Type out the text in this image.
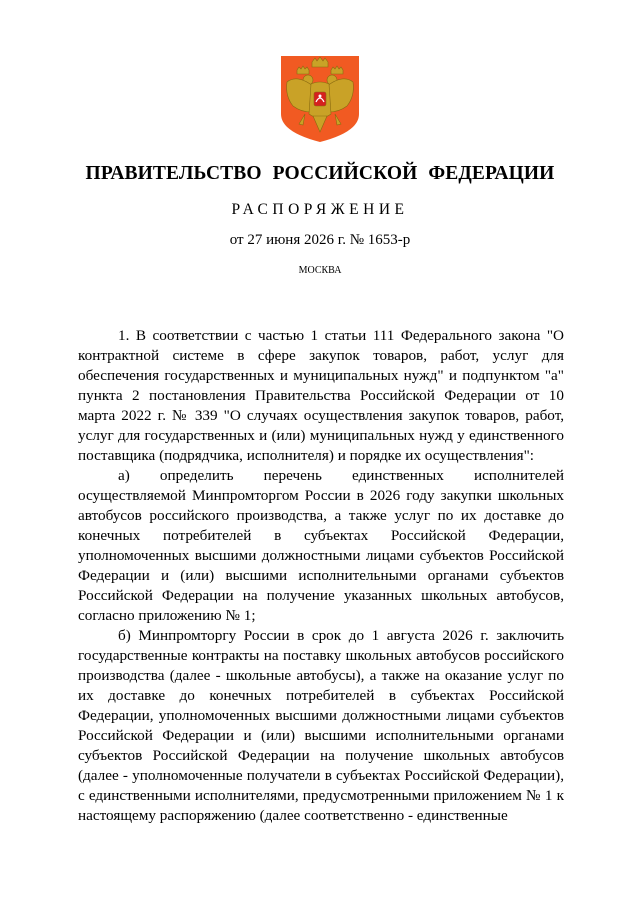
ПРАВИТЕЛЬСТВО РОССИЙСКОЙ ФЕДЕРАЦИИ
РАСПОРЯЖЕНИЕ
от 27 июня 2026 г. № 1653-р
МОСКВА

1. В соответствии с частью 1 статьи 111 Федерального закона "О контрактной системе в сфере закупок товаров, работ, услуг для обеспечения государственных и муниципальных нужд" и подпунктом "а" пункта 2 постановления Правительства Российской Федерации от 10 марта 2022 г. № 339 "О случаях осуществления закупок товаров, работ, услуг для государственных и (или) муниципальных нужд у единственного поставщика (подрядчика, исполнителя) и порядке их осуществления":

а) определить перечень единственных исполнителей осуществляемой Минпромторгом России в 2026 году закупки школьных автобусов российского производства, а также услуг по их доставке до конечных потребителей в субъектах Российской Федерации, уполномоченных высшими должностными лицами субъектов Российской Федерации и (или) высшими исполнительными органами субъектов Российской Федерации на получение указанных школьных автобусов, согласно приложению № 1;

б) Минпромторгу России в срок до 1 августа 2026 г. заключить государственные контракты на поставку школьных автобусов российского производства (далее - школьные автобусы), а также на оказание услуг по их доставке до конечных потребителей в субъектах Российской Федерации, уполномоченных высшими должностными лицами субъектов Российской Федерации и (или) высшими исполнительными органами субъектов Российской Федерации на получение школьных автобусов (далее - уполномоченные получатели в субъектах Российской Федерации), с единственными исполнителями, предусмотренными приложением № 1 к настоящему распоряжению (далее соответственно - единственные
